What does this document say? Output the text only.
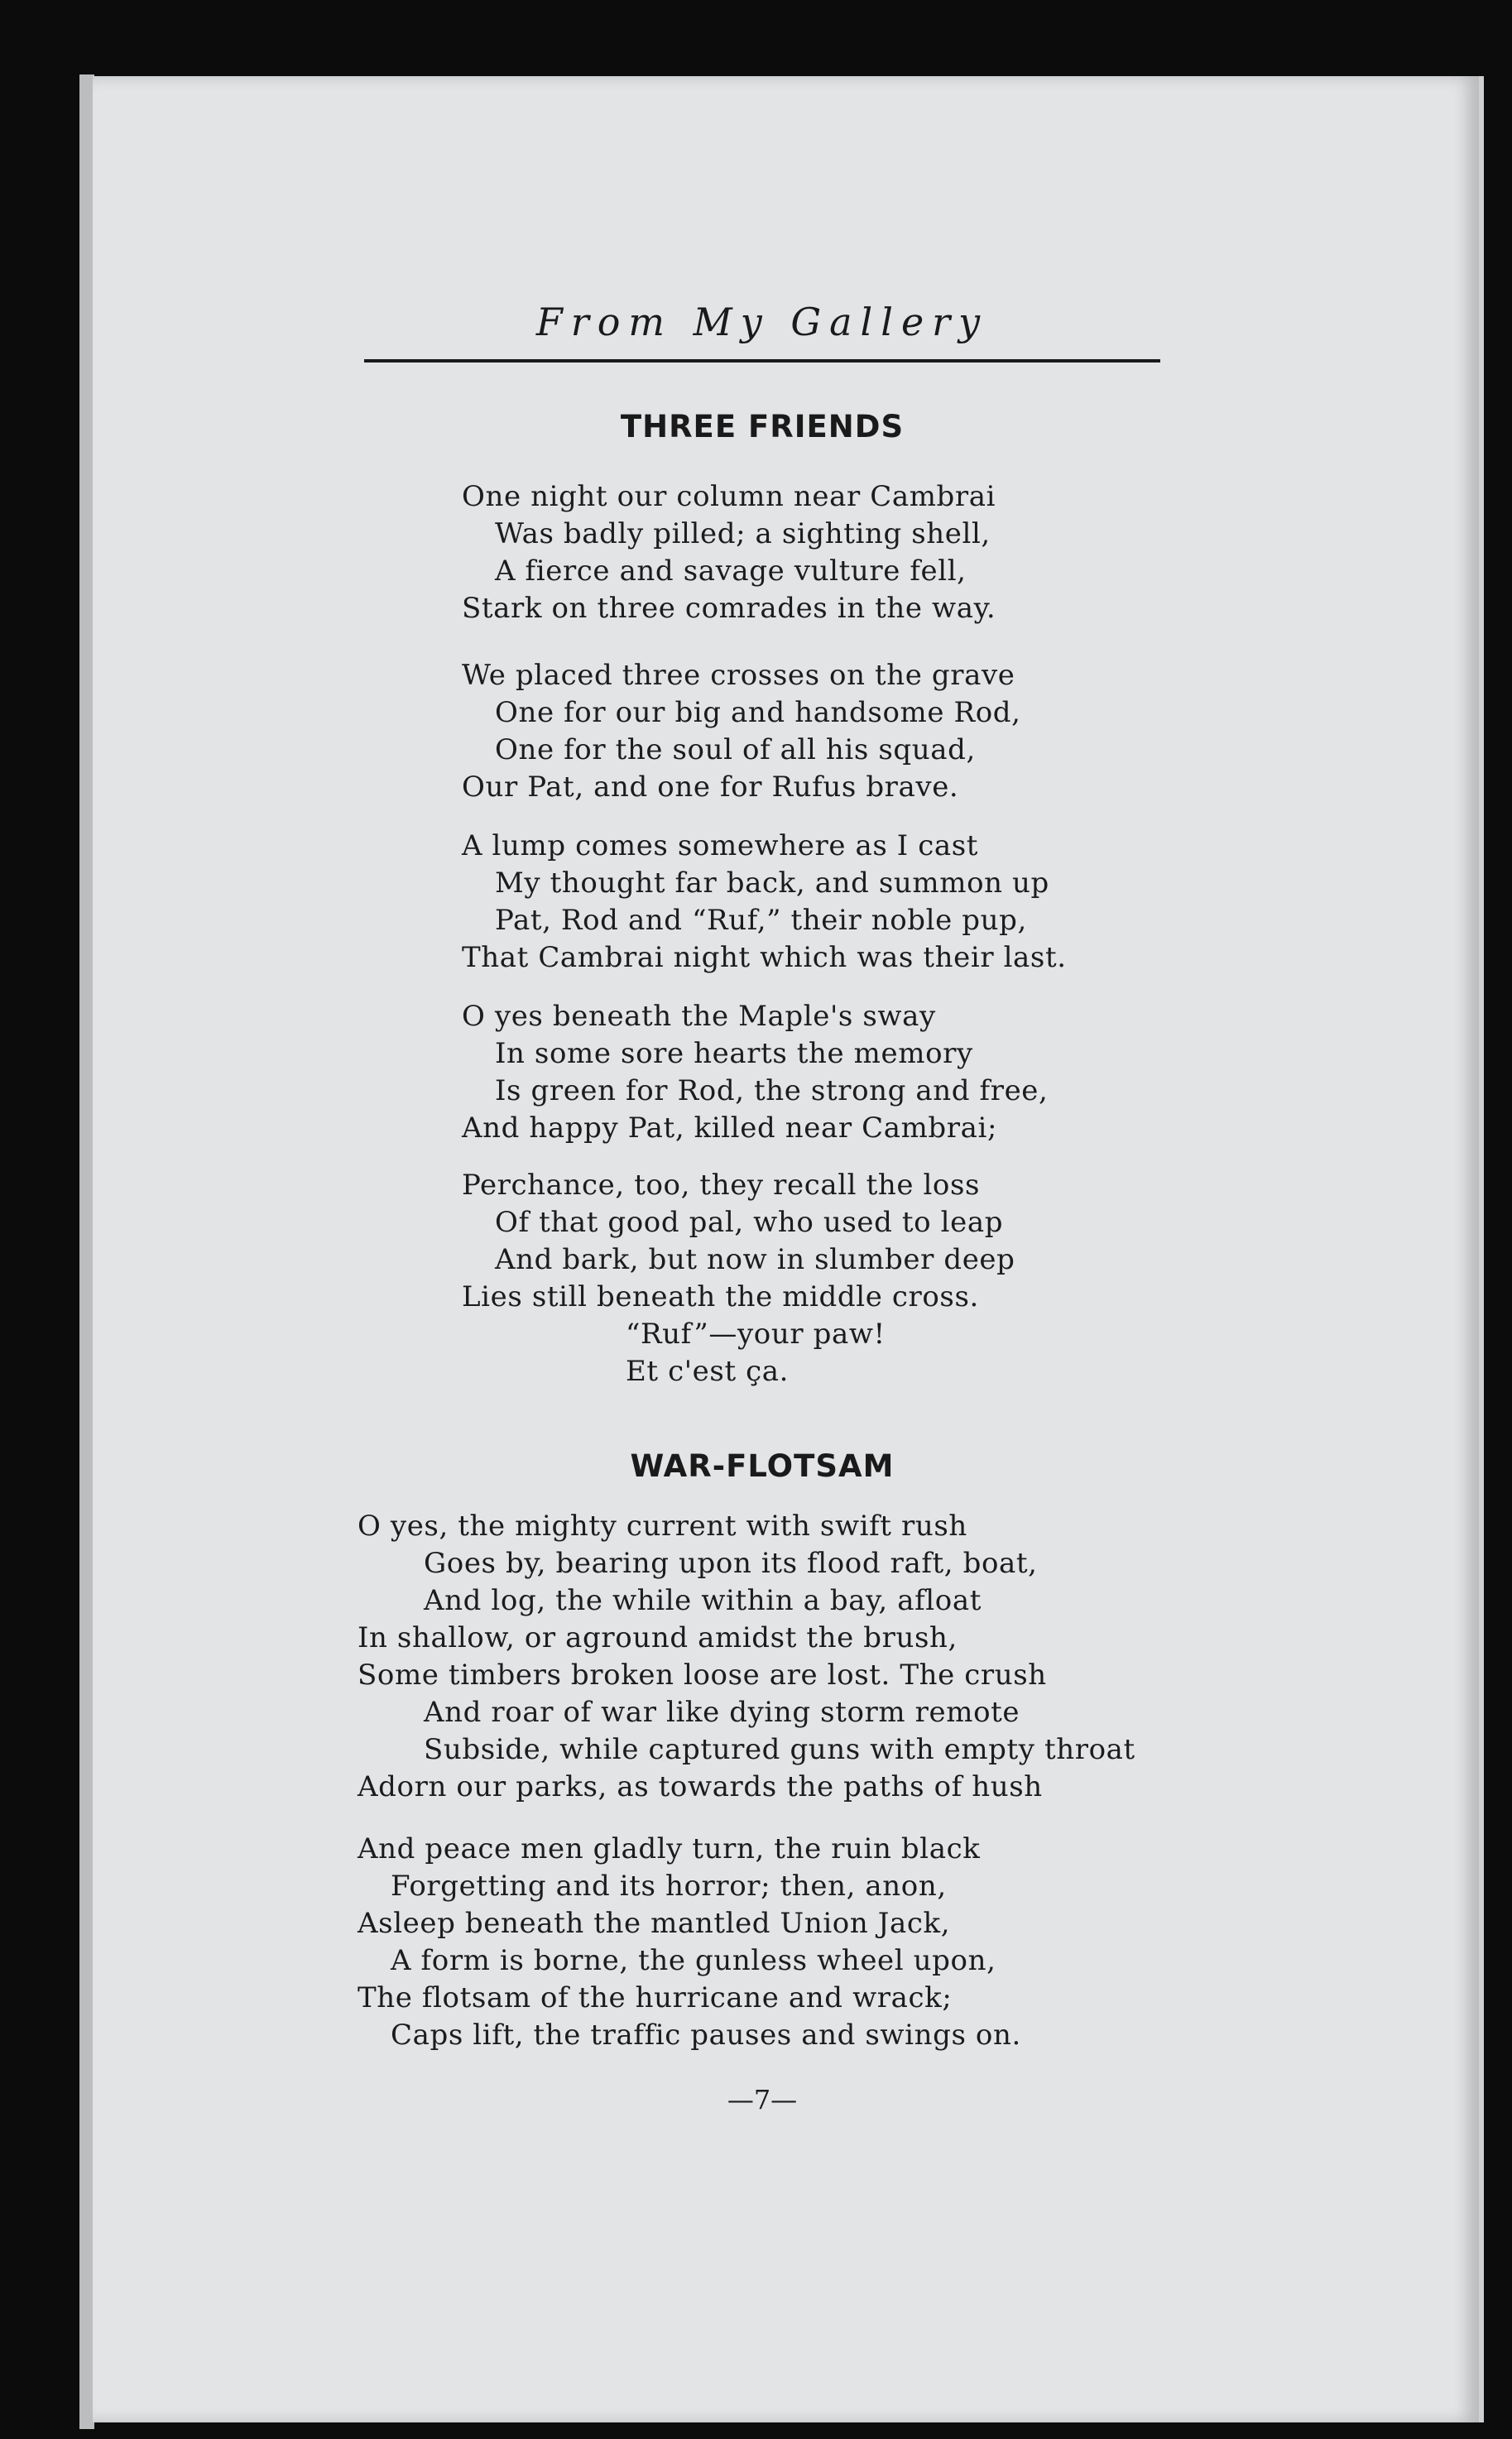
From My Gallery
THREE FRIENDS
One night our column near Cambrai
Was badly pilled; a sighting shell,
A fierce and savage vulture fell,
Stark on three comrades in the way.
We placed three crosses on the grave
One for our big and handsome Rod,
One for the soul of all his squad,
Our Pat, and one for Rufus brave.
A lump comes somewhere as I cast
My thought far back, and summon up
Pat, Rod and “Ruf,” their noble pup,
That Cambrai night which was their last.
O yes beneath the Maple's sway
In some sore hearts the memory
Is green for Rod, the strong and free,
And happy Pat, killed near Cambrai;
Perchance, too, they recall the loss
Of that good pal, who used to leap
And bark, but now in slumber deep
Lies still beneath the middle cross.
“Ruf”—your paw!
Et c'est ça.
WAR-FLOTSAM
O yes, the mighty current with swift rush
Goes by, bearing upon its flood raft, boat,
And log, the while within a bay, afloat
In shallow, or aground amidst the brush,
Some timbers broken loose are lost. The crush
And roar of war like dying storm remote
Subside, while captured guns with empty throat
Adorn our parks, as towards the paths of hush
And peace men gladly turn, the ruin black
Forgetting and its horror; then, anon,
Asleep beneath the mantled Union Jack,
A form is borne, the gunless wheel upon,
The flotsam of the hurricane and wrack;
Caps lift, the traffic pauses and swings on.
—7—
